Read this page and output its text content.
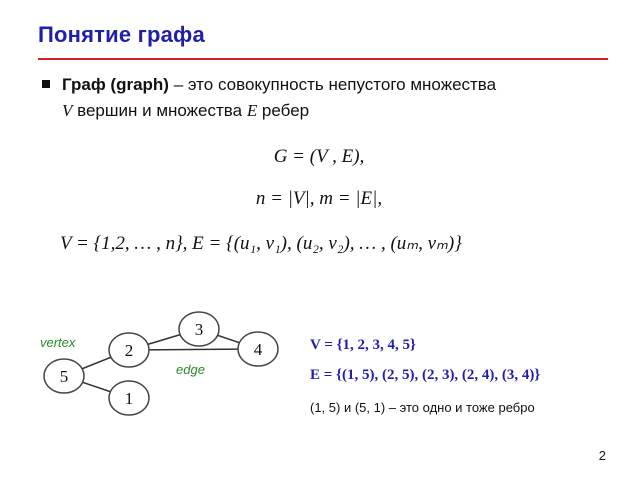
Понятие графа
Граф (graph) – это совокупность непустого множества
V вершин и множества E ребер
G = (V , E),
n = |V|, m = |E|,
V = {1,2, … , n}, E = {(u₁, v₁), (u₂, v₂), … , (uₘ, vₘ)}
5
2
1
3
4
vertex
edge
V = {1, 2, 3, 4, 5}
E = {(1, 5), (2, 5), (2, 3), (2, 4), (3, 4)}
(1, 5) и (5, 1) – это одно и тоже ребро
2
